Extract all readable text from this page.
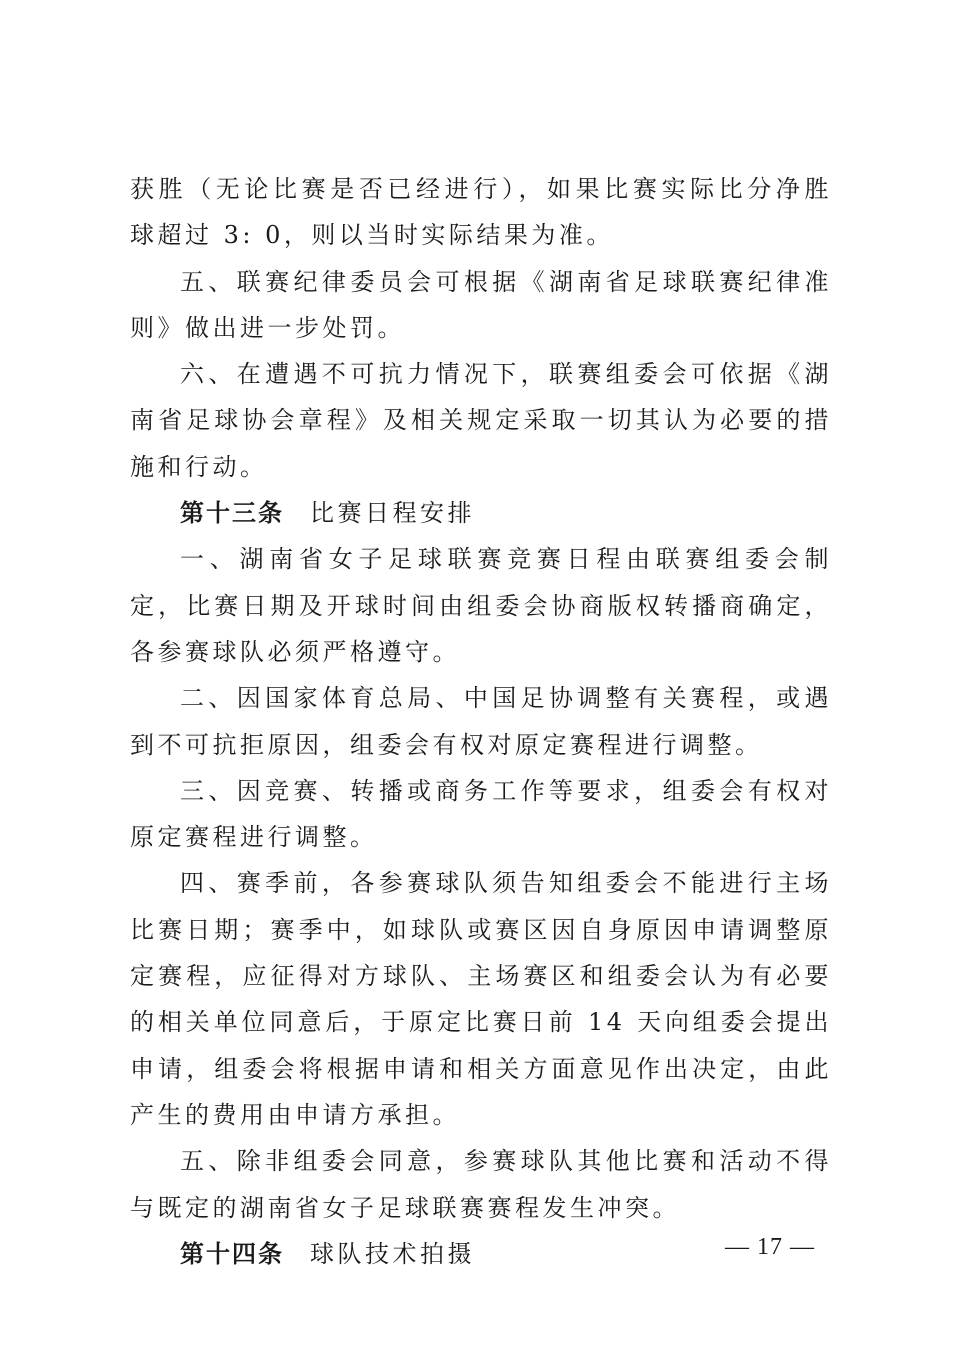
获胜（无论比赛是否已经进行），如果比赛实际比分净胜球超过 3: 0，则以当时实际结果为准。

五、联赛纪律委员会可根据《湖南省足球联赛纪律准则》做出进一步处罚。

六、在遭遇不可抗力情况下，联赛组委会可依据《湖南省足球协会章程》及相关规定采取一切其认为必要的措施和行动。

第十三条 比赛日程安排

一、湖南省女子足球联赛竞赛日程由联赛组委会制定，比赛日期及开球时间由组委会协商版权转播商确定，各参赛球队必须严格遵守。

二、因国家体育总局、中国足协调整有关赛程，或遇到不可抗拒原因，组委会有权对原定赛程进行调整。

三、因竞赛、转播或商务工作等要求，组委会有权对原定赛程进行调整。

四、赛季前，各参赛球队须告知组委会不能进行主场比赛日期；赛季中，如球队或赛区因自身原因申请调整原定赛程，应征得对方球队、主场赛区和组委会认为有必要的相关单位同意后，于原定比赛日前 14 天向组委会提出申请，组委会将根据申请和相关方面意见作出决定，由此产生的费用由申请方承担。

五、除非组委会同意，参赛球队其他比赛和活动不得与既定的湖南省女子足球联赛赛程发生冲突。

第十四条 球队技术拍摄	— 17 —
